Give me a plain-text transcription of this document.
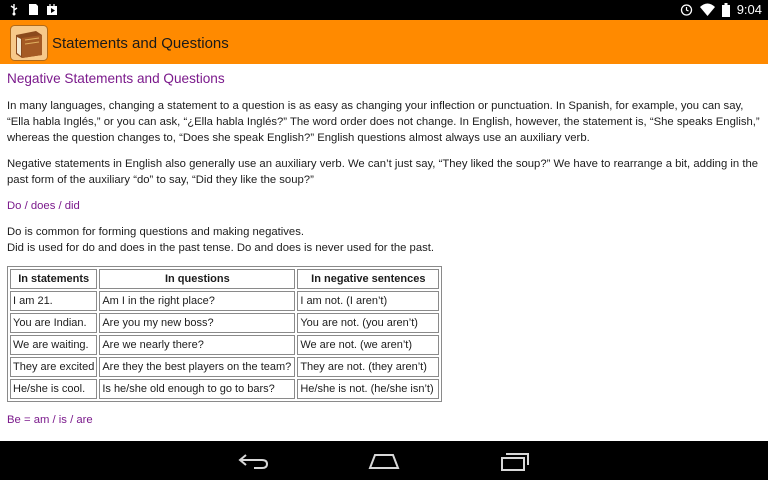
9:04
Statements and Questions
Negative Statements and Questions

In many languages, changing a statement to a question is as easy as changing your inflection or punctuation. In Spanish, for example, you can say, “Ella habla Inglés,” or you can ask, “¿Ella habla Inglés?” The word order does not change. In English, however, the statement is, “She speaks English,” whereas the question changes to, “Does she speak English?” English questions almost always use an auxiliary verb.

Negative statements in English also generally use an auxiliary verb. We can’t just say, “They liked the soup?” We have to rearrange a bit, adding in the past form of the auxiliary “do” to say, “Did they like the soup?”

Do / does / did

Do is common for forming questions and making negatives.

Did is used for do and does in the past tense. Do and does is never used for the past.

In statements	In questions	In negative sentences
I am 21.	Am I in the right place?	I am not. (I aren’t)
You are Indian.	Are you my new boss?	You are not. (you aren’t)
We are waiting.	Are we nearly there?	We are not. (we aren’t)
They are excited	Are they the best players on the team?	They are not. (they aren’t)
He/she is cool.	Is he/she old enough to go to bars?	He/she is not. (he/she isn’t)
Be = am / is / are
